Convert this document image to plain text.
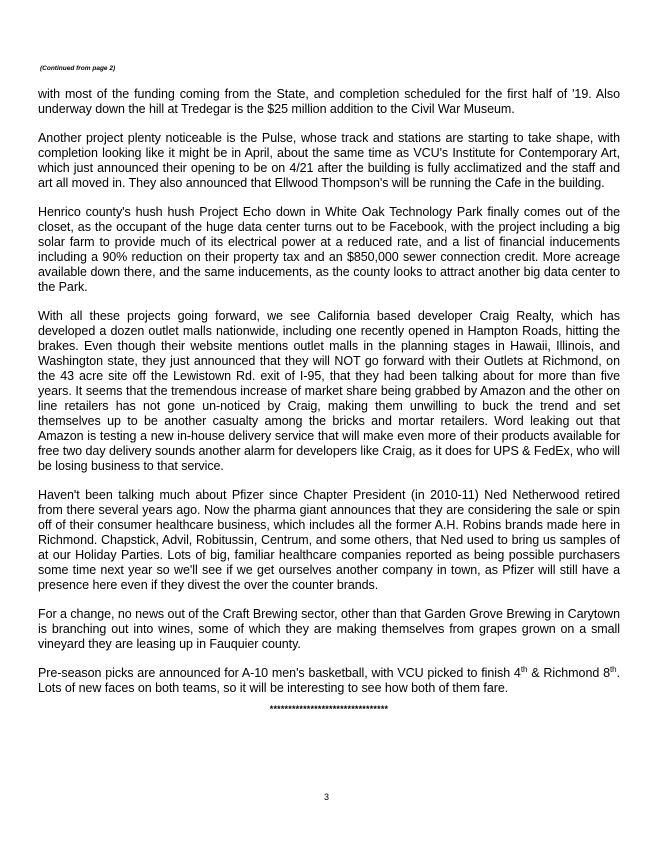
(Continued from page 2)

with most of the funding coming from the State, and completion scheduled for the first half of '19. Also underway down the hill at Tredegar is the $25 million addition to the Civil War Museum.

Another project plenty noticeable is the Pulse, whose track and stations are starting to take shape, with completion looking like it might be in April, about the same time as VCU's Institute for Contemporary Art, which just announced their opening to be on 4/21 after the building is fully acclimatized and the staff and art all moved in. They also announced that Ellwood Thompson's will be running the Cafe in the building.

Henrico county's hush hush Project Echo down in White Oak Technology Park finally comes out of the closet, as the occupant of the huge data center turns out to be Facebook, with the project including a big solar farm to provide much of its electrical power at a reduced rate, and a list of financial inducements including a 90% reduction on their property tax and an $850,000 sewer connection credit. More acreage available down there, and the same inducements, as the county looks to attract another big data center to the Park.

With all these projects going forward, we see California based developer Craig Realty, which has developed a dozen outlet malls nationwide, including one recently opened in Hampton Roads, hitting the brakes. Even though their website mentions outlet malls in the planning stages in Hawaii, Illinois, and Washington state, they just announced that they will NOT go forward with their Outlets at Richmond, on the 43 acre site off the Lewistown Rd. exit of I-95, that they had been talking about for more than five years. It seems that the tremendous increase of market share being grabbed by Amazon and the other on line retailers has not gone un-noticed by Craig, making them unwilling to buck the trend and set themselves up to be another casualty among the bricks and mortar retailers. Word leaking out that Amazon is testing a new in-house delivery service that will make even more of their products available for free two day delivery sounds another alarm for developers like Craig, as it does for UPS & FedEx, who will be losing business to that service.

Haven't been talking much about Pfizer since Chapter President (in 2010-11) Ned Netherwood retired from there several years ago. Now the pharma giant announces that they are considering the sale or spin off of their consumer healthcare business, which includes all the former A.H. Robins brands made here in Richmond. Chapstick, Advil, Robitussin, Centrum, and some others, that Ned used to bring us samples of at our Holiday Parties. Lots of big, familiar healthcare companies reported as being possible purchasers some time next year so we'll see if we get ourselves another company in town, as Pfizer will still have a presence here even if they divest the over the counter brands.

For a change, no news out of the Craft Brewing sector, other than that Garden Grove Brewing in Carytown is branching out into wines, some of which they are making themselves from grapes grown on a small vineyard they are leasing up in Fauquier county.

Pre-season picks are announced for A-10 men's basketball, with VCU picked to finish 4th & Richmond 8th. Lots of new faces on both teams, so it will be interesting to see how both of them fare.

********************************
3
